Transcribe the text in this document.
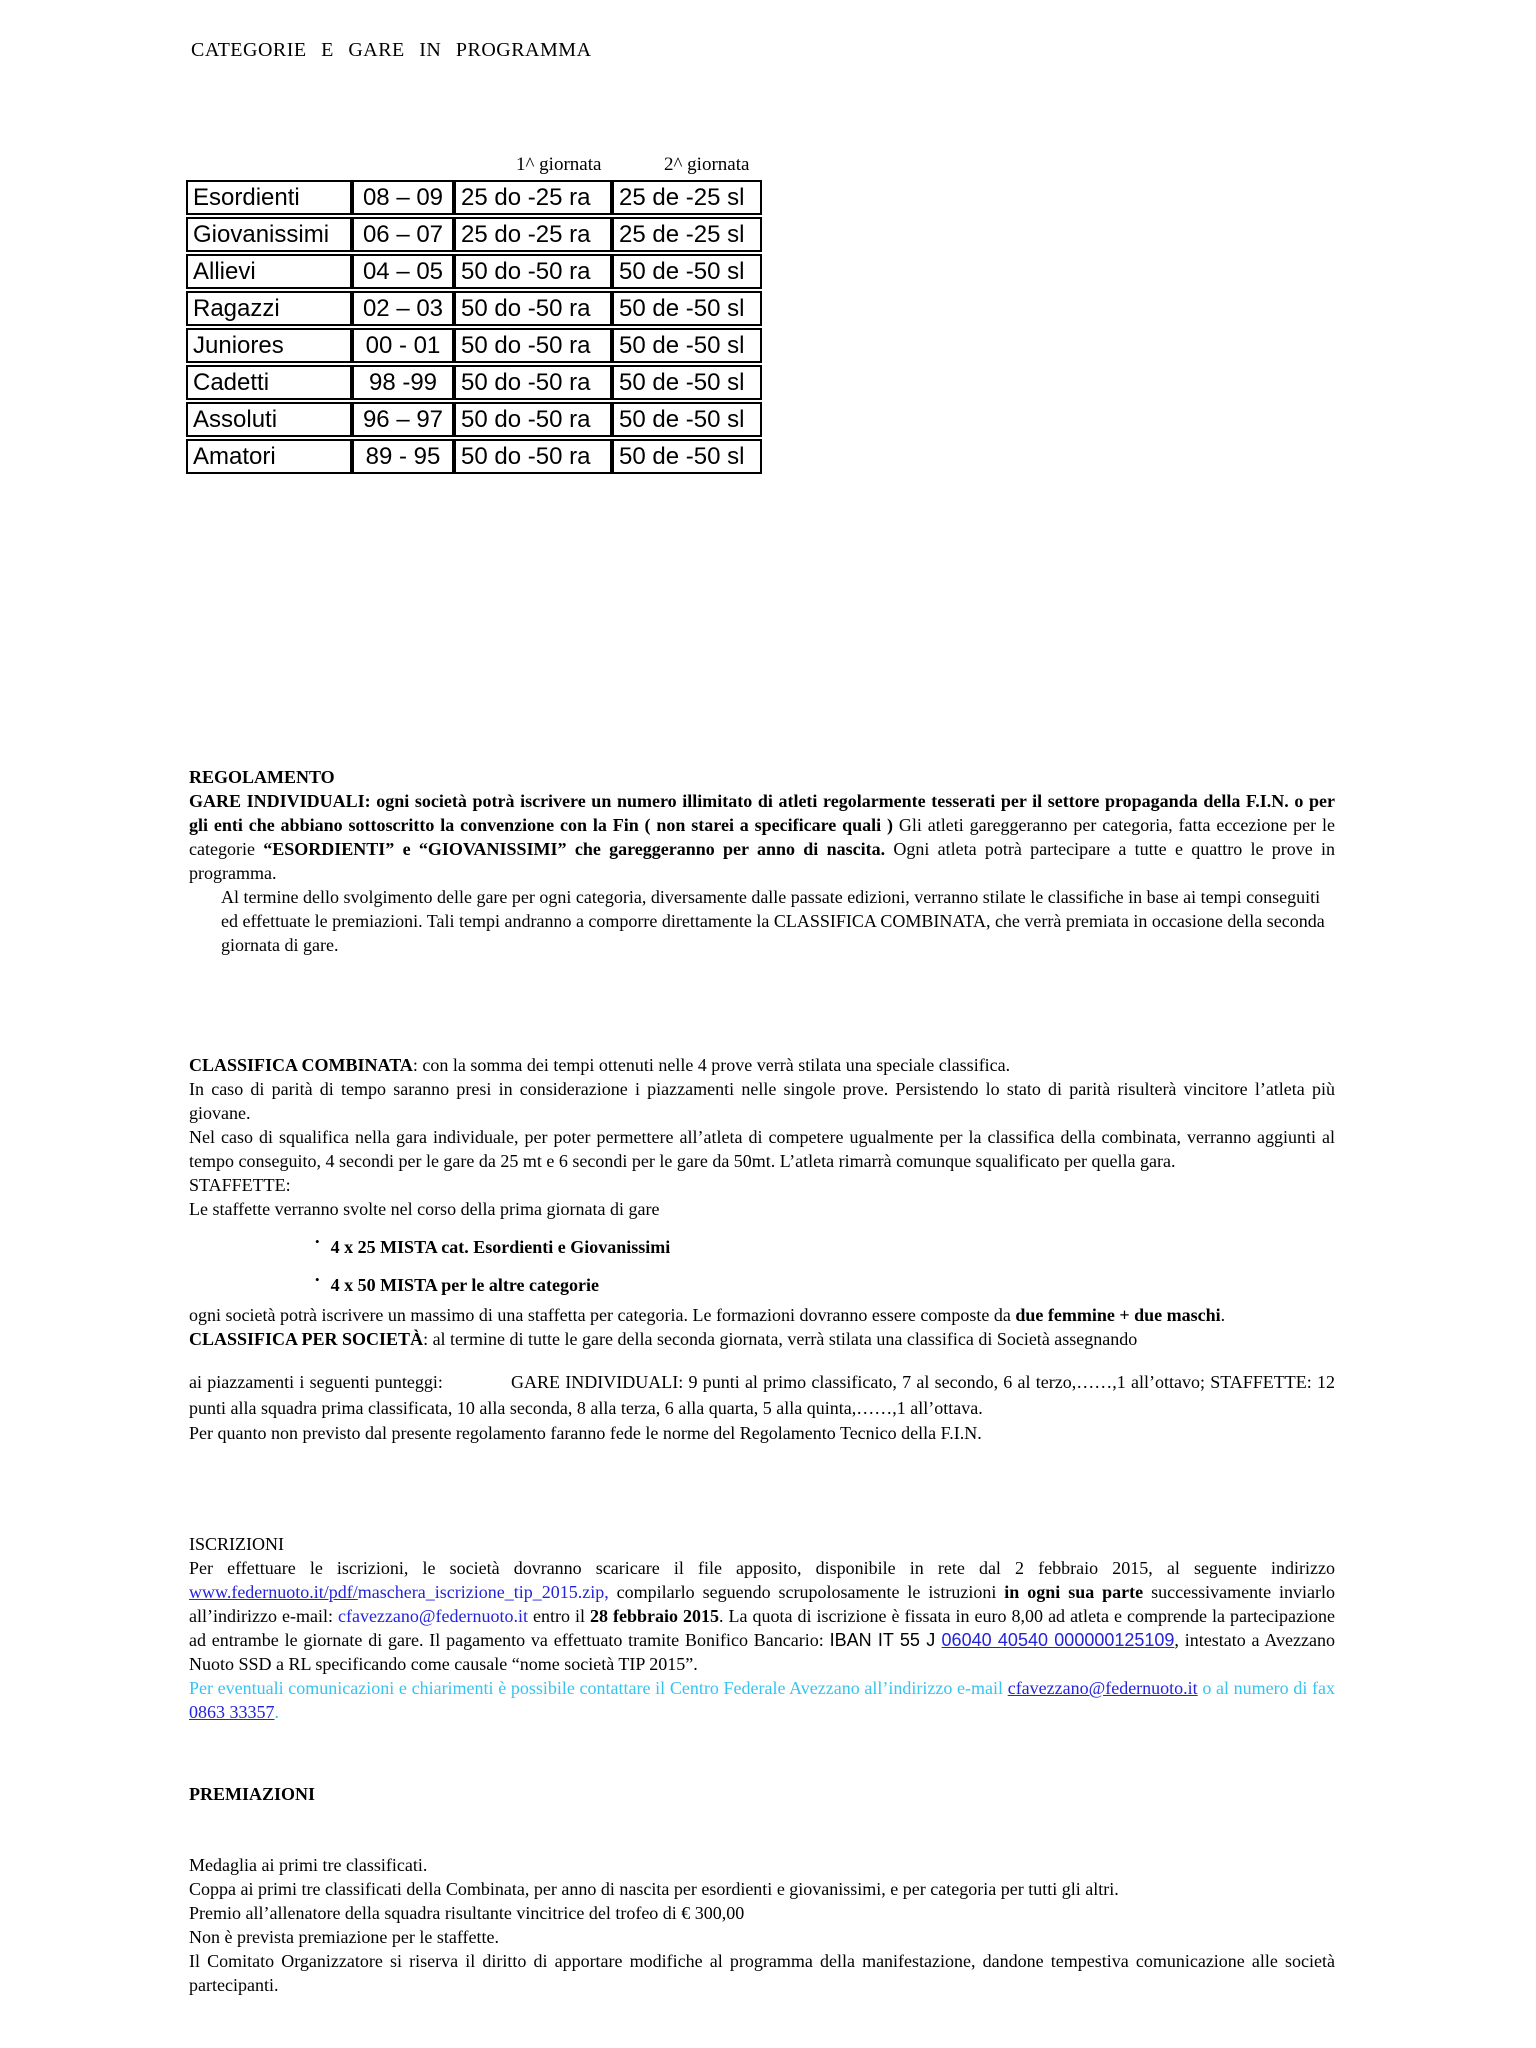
CATEGORIE E GARE IN PROGRAMMA
1^ giornata	2^ giornata
Esordienti	08 – 09	25 do -25 ra	25 de -25 sl
Giovanissimi	06 – 07	25 do -25 ra	25 de -25 sl
Allievi	04 – 05	50 do -50 ra	50 de -50 sl
Ragazzi	02 – 03	50 do -50 ra	50 de -50 sl
Juniores	00 - 01	50 do -50 ra	50 de -50 sl
Cadetti	98 -99	50 do -50 ra	50 de -50 sl
Assoluti	96 – 97	50 do -50 ra	50 de -50 sl
Amatori	89 - 95	50 do -50 ra	50 de -50 sl
REGOLAMENTO

GARE INDIVIDUALI: ogni società potrà iscrivere un numero illimitato di atleti regolarmente tesserati per il settore propaganda della F.I.N. o per gli enti che abbiano sottoscritto la convenzione con la Fin ( non starei a specificare quali ) Gli atleti gareggeranno per categoria, fatta eccezione per le categorie “ESORDIENTI” e “GIOVANISSIMI” che gareggeranno per anno di nascita. Ogni atleta potrà partecipare a tutte e quattro le prove in programma.

Al termine dello svolgimento delle gare per ogni categoria, diversamente dalle passate edizioni, verranno stilate le classifiche in base ai tempi conseguiti ed effettuate le premiazioni. Tali tempi andranno a comporre direttamente la CLASSIFICA COMBINATA, che verrà premiata in occasione della seconda giornata di gare.

CLASSIFICA COMBINATA: con la somma dei tempi ottenuti nelle 4 prove verrà stilata una speciale classifica.
In caso di parità di tempo saranno presi in considerazione i piazzamenti nelle singole prove. Persistendo lo stato di parità risulterà vincitore l’atleta più giovane.

Nel caso di squalifica nella gara individuale, per poter permettere all’atleta di competere ugualmente per la classifica della combinata, verranno aggiunti al tempo conseguito, 4 secondi per le gare da 25 mt e 6 secondi per le gare da 50mt. L’atleta rimarrà comunque squalificato per quella gara.

STAFFETTE:
Le staffette verranno svolte nel corso della prima giornata di gare
• 4 x 25 MISTA cat. Esordienti e Giovanissimi
• 4 x 50 MISTA per le altre categorie

ogni società potrà iscrivere un massimo di una staffetta per categoria. Le formazioni dovranno essere composte da due femmine + due maschi.

CLASSIFICA PER SOCIETÀ: al termine di tutte le gare della seconda giornata, verrà stilata una classifica di Società assegnando

ai piazzamenti i seguenti punteggi:	GARE INDIVIDUALI: 9 punti al primo classificato, 7 al secondo, 6 al terzo,……,1 all’ottavo; STAFFETTE: 12 punti alla squadra prima classificata, 10 alla seconda, 8 alla terza, 6 alla quarta, 5 alla quinta,……,1 all’ottava.

Per quanto non previsto dal presente regolamento faranno fede le norme del Regolamento Tecnico della F.I.N.

ISCRIZIONI

Per effettuare le iscrizioni, le società dovranno scaricare il file apposito, disponibile in rete dal 2 febbraio 2015, al seguente indirizzo www.federnuoto.it/pdf/maschera_iscrizione_tip_2015.zip, compilarlo seguendo scrupolosamente le istruzioni in ogni sua parte successivamente inviarlo all’indirizzo e-mail: cfavezzano@federnuoto.it entro il 28 febbraio 2015. La quota di iscrizione è fissata in euro 8,00 ad atleta e comprende la partecipazione ad entrambe le giornate di gare. Il pagamento va effettuato tramite Bonifico Bancario: IBAN IT 55 J 06040 40540 000000125109, intestato a Avezzano Nuoto SSD a RL specificando come causale “nome società TIP 2015”.

Per eventuali comunicazioni e chiarimenti è possibile contattare il Centro Federale Avezzano all’indirizzo e-mail cfavezzano@federnuoto.it o al numero di fax 0863 33357.

PREMIAZIONI
Medaglia ai primi tre classificati.
Coppa ai primi tre classificati della Combinata, per anno di nascita per esordienti e giovanissimi, e per categoria per tutti gli altri.
Premio all’allenatore della squadra risultante vincitrice del trofeo di € 300,00
Non è prevista premiazione per le staffette.

Il Comitato Organizzatore si riserva il diritto di apportare modifiche al programma della manifestazione, dandone tempestiva comunicazione alle società partecipanti.
